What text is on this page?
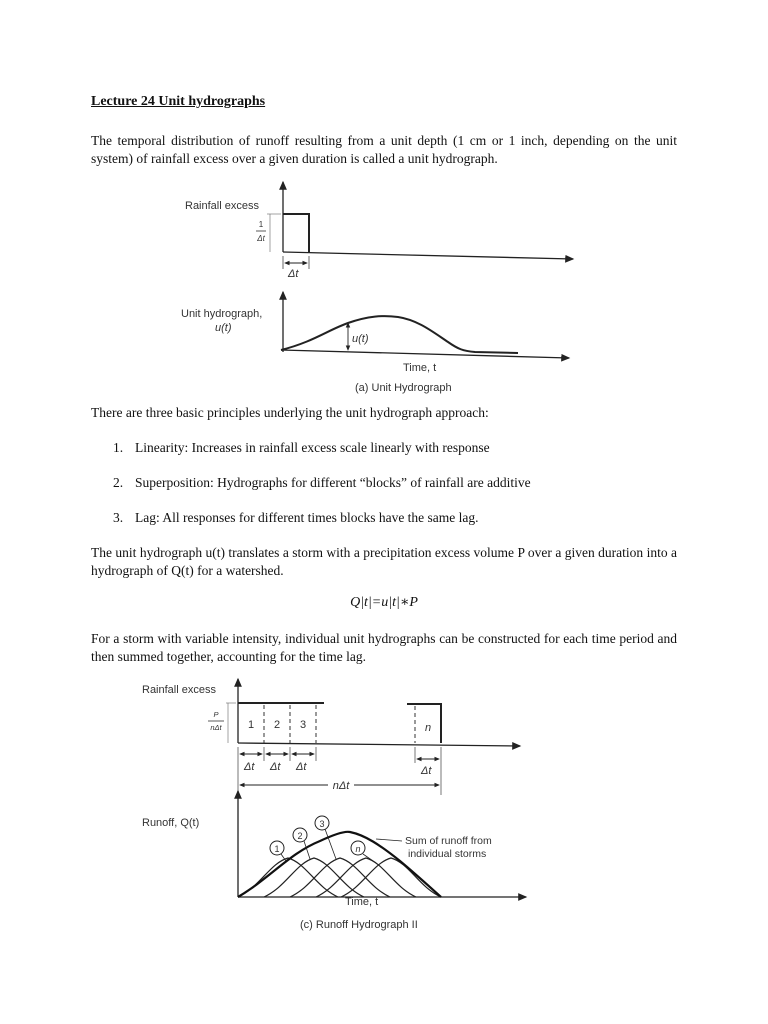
Lecture 24 Unit hydrographs
The temporal distribution of runoff resulting from a unit depth (1 cm or 1 inch, depending on the unit system) of rainfall excess over a given duration is called a unit hydrograph.
Rainfall excess
1
Δt
Δt
u(t)
Unit hydrograph,
u(t)
Time, t
(a) Unit Hydrograph
There are three basic principles underlying the unit hydrograph approach:
1. Linearity: Increases in rainfall excess scale linearly with response
2. Superposition: Hydrographs for different “blocks” of rainfall are additive
3. Lag: All responses for different times blocks have the same lag.
The unit hydrograph u(t) translates a storm with a precipitation excess volume P over a given duration into a hydrograph of Q(t) for a watershed.
Q|t|=u|t|∗P
For a storm with variable intensity, individual unit hydrographs can be constructed for each time period and then summed together, accounting for the time lag.
Rainfall excess
P
nΔt 1 2 3	n
Δt Δt Δt	Δt
nΔt
Runoff, Q(t)
1
2
3
n
Sum of runoff from
individual storms
Time, t
(c) Runoff Hydrograph II
